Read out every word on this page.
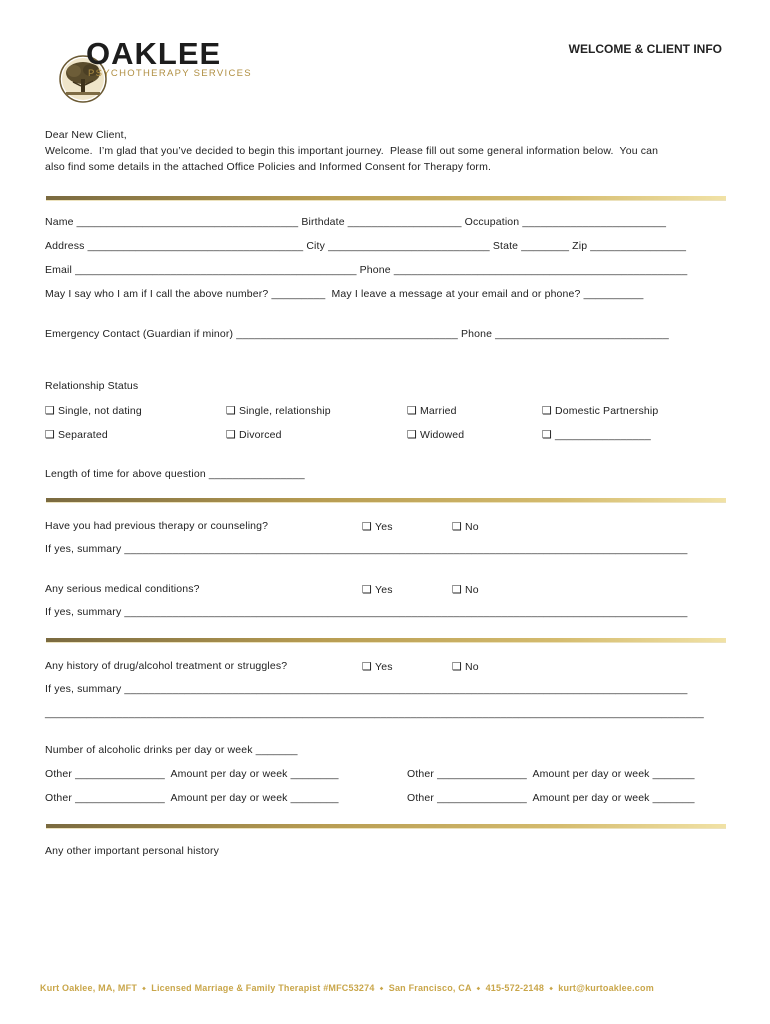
OAKLEE
PSYCHOTHERAPY SERVICES
WELCOME & CLIENT INFO
Dear New Client,
Welcome.  I’m glad that you’ve decided to begin this important journey.  Please fill out some general information below.  You can
also find some details in the attached Office Policies and Informed Consent for Therapy form.
Name _____________________________________ Birthdate ___________________ Occupation ________________________
Address ____________________________________ City ___________________________ State ________ Zip ________________
Email _______________________________________________ Phone _________________________________________________
May I say who I am if I call the above number? _________  May I leave a message at your email and or phone? __________
Emergency Contact (Guardian if minor) _____________________________________ Phone _____________________________
Relationship Status
❑ Single, not dating	❑ Single, relationship	❑ Married	❑ Domestic Partnership
❑ Separated	❑ Divorced	❑ Widowed	❑ ________________
Length of time for above question ________________
Have you had previous therapy or counseling?	❑ Yes	❑ No
If yes, summary ______________________________________________________________________________________________
Any serious medical conditions?	❑ Yes	❑ No
If yes, summary ______________________________________________________________________________________________
Any history of drug/alcohol treatment or struggles?	❑ Yes	❑ No
If yes, summary ______________________________________________________________________________________________
______________________________________________________________________________________________________________
Number of alcoholic drinks per day or week _______
Other _______________  Amount per day or week ________	Other _______________  Amount per day or week _______
Other _______________  Amount per day or week ________	Other _______________  Amount per day or week _______
Any other important personal history
Kurt Oaklee, MA, MFT  ⬩  Licensed Marriage & Family Therapist #MFC53274  ⬩  San Francisco, CA  ⬩  415-572-2148  ⬩  kurt@kurtoaklee.com
